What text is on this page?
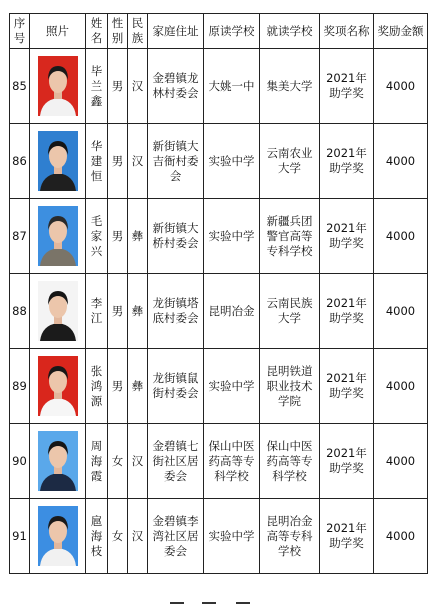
序号	照片	姓名	性别	民族	家庭住址	原读学校	就读学校	奖项名称	奖励金额

85		毕兰鑫	男	汉	金碧镇龙林村委会	大姚一中	集美大学	2021年助学奖	4000

86		华建恒	男	汉	新街镇大吉衙村委会	实验中学	云南农业大学	2021年助学奖	4000

87		毛家兴	男	彝	新街镇大桥村委会	实验中学	新疆兵团警官高等专科学校	2021年助学奖	4000

88		李江	男	彝	龙街镇塔底村委会	昆明冶金	云南民族大学	2021年助学奖	4000

89		张鸿源	男	彝	龙街镇鼠街村委会	实验中学	昆明铁道职业技术学院	2021年助学奖	4000

90		周海霞	女	汉	金碧镇七街社区居委会	保山中医药高等专科学校	保山中医药高等专科学校	2021年助学奖	4000

91		扈海枝	女	汉	金碧镇李湾社区居委会	实验中学	昆明冶金高等专科学校	2021年助学奖	4000
